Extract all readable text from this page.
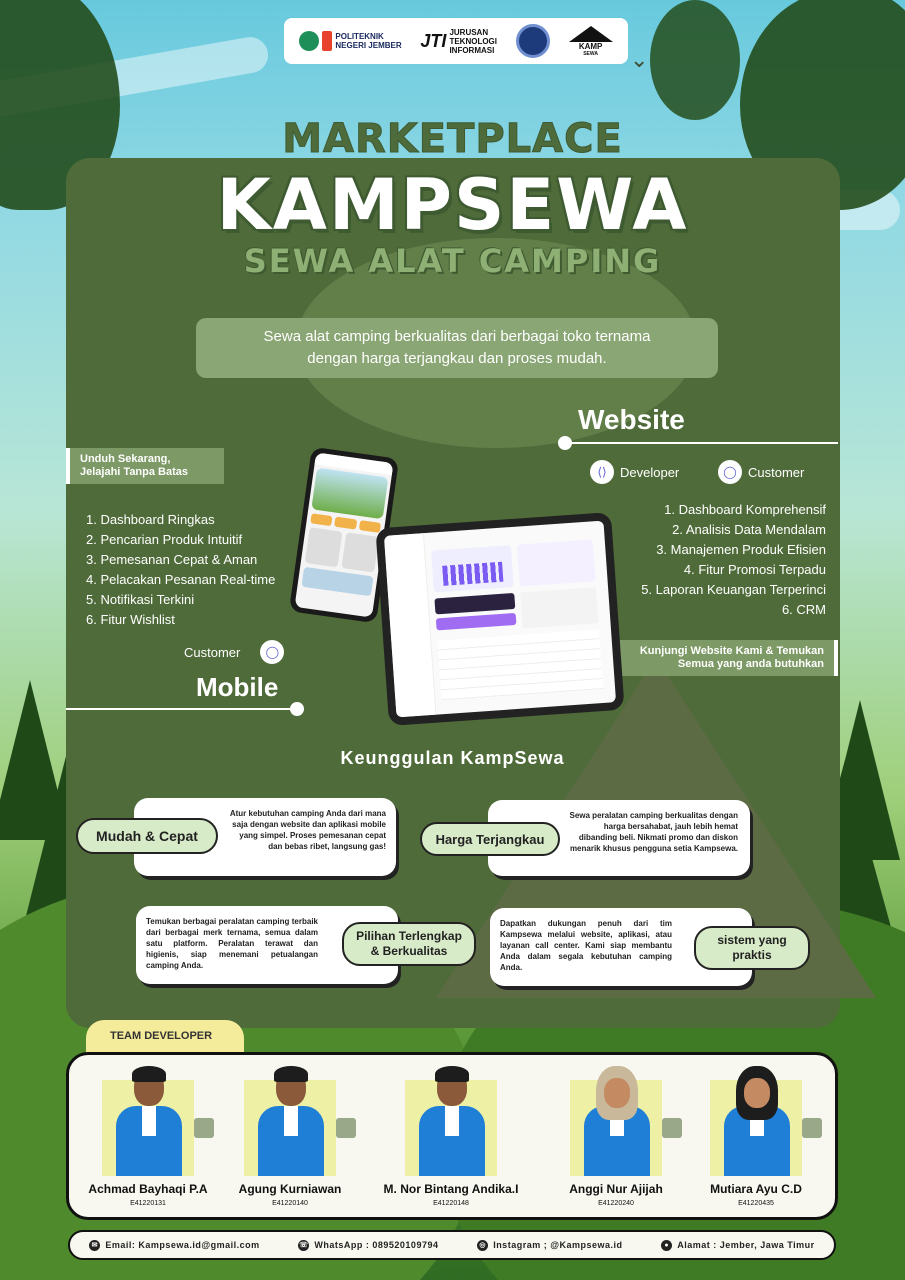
⌄
POLITEKNIK
NEGERI JEMBER JTI JURUSAN
TEKNOLOGI
INFORMASI	KAMP
SEWA
MARKETPLACE
KAMPSEWA
SEWA ALAT CAMPING
Sewa alat camping berkualitas dari berbagai toko ternama
dengan harga terjangkau dan proses mudah.
Website
⟨⟩	Developer	◯ Customer
1. Dashboard Komprehensif
2. Analisis Data Mendalam
3. Manajemen Produk Efisien
4. Fitur Promosi Terpadu
5. Laporan Keuangan Terperinci
6. CRM
Kunjungi Website Kami & Temukan
Semua yang anda butuhkan
Unduh Sekarang,
Jelajahi Tanpa Batas
1. Dashboard Ringkas
2. Pencarian Produk Intuitif
3. Pemesanan Cepat & Aman
4. Pelacakan Pesanan Real-time
5. Notifikasi Terkini
6. Fitur Wishlist
Customer	◯
Mobile
Keunggulan KampSewa
Atur kebutuhan camping Anda dari mana saja dengan website dan aplikasi mobile yang simpel. Proses pemesanan cepat dan bebas ribet, langsung gas!
Mudah & Cepat
Sewa peralatan camping berkualitas dengan harga bersahabat, jauh lebih hemat dibanding beli. Nikmati promo dan diskon menarik khusus pengguna setia Kampsewa.
Harga Terjangkau
Temukan berbagai peralatan camping terbaik dari berbagai merk ternama, semua dalam satu platform. Peralatan terawat dan higienis, siap menemani petualangan camping Anda.
Pilihan Terlengkap
& Berkualitas
Dapatkan dukungan penuh dari tim Kampsewa melalui website, aplikasi, atau layanan call center. Kami siap membantu Anda dalam segala kebutuhan camping Anda.
sistem yang
praktis
TEAM DEVELOPER
Achmad Bayhaqi P.A
E41220131
Agung Kurniawan
E41220140
M. Nor Bintang Andika.I
E41220148
Anggi Nur Ajijah
E41220240
Mutiara Ayu C.D
E41220435
✉ Email: Kampsewa.id@gmail.com	☏ WhatsApp : 089520109794	◎ Instagram ; @Kampsewa.id	● Alamat : Jember, Jawa Timur
